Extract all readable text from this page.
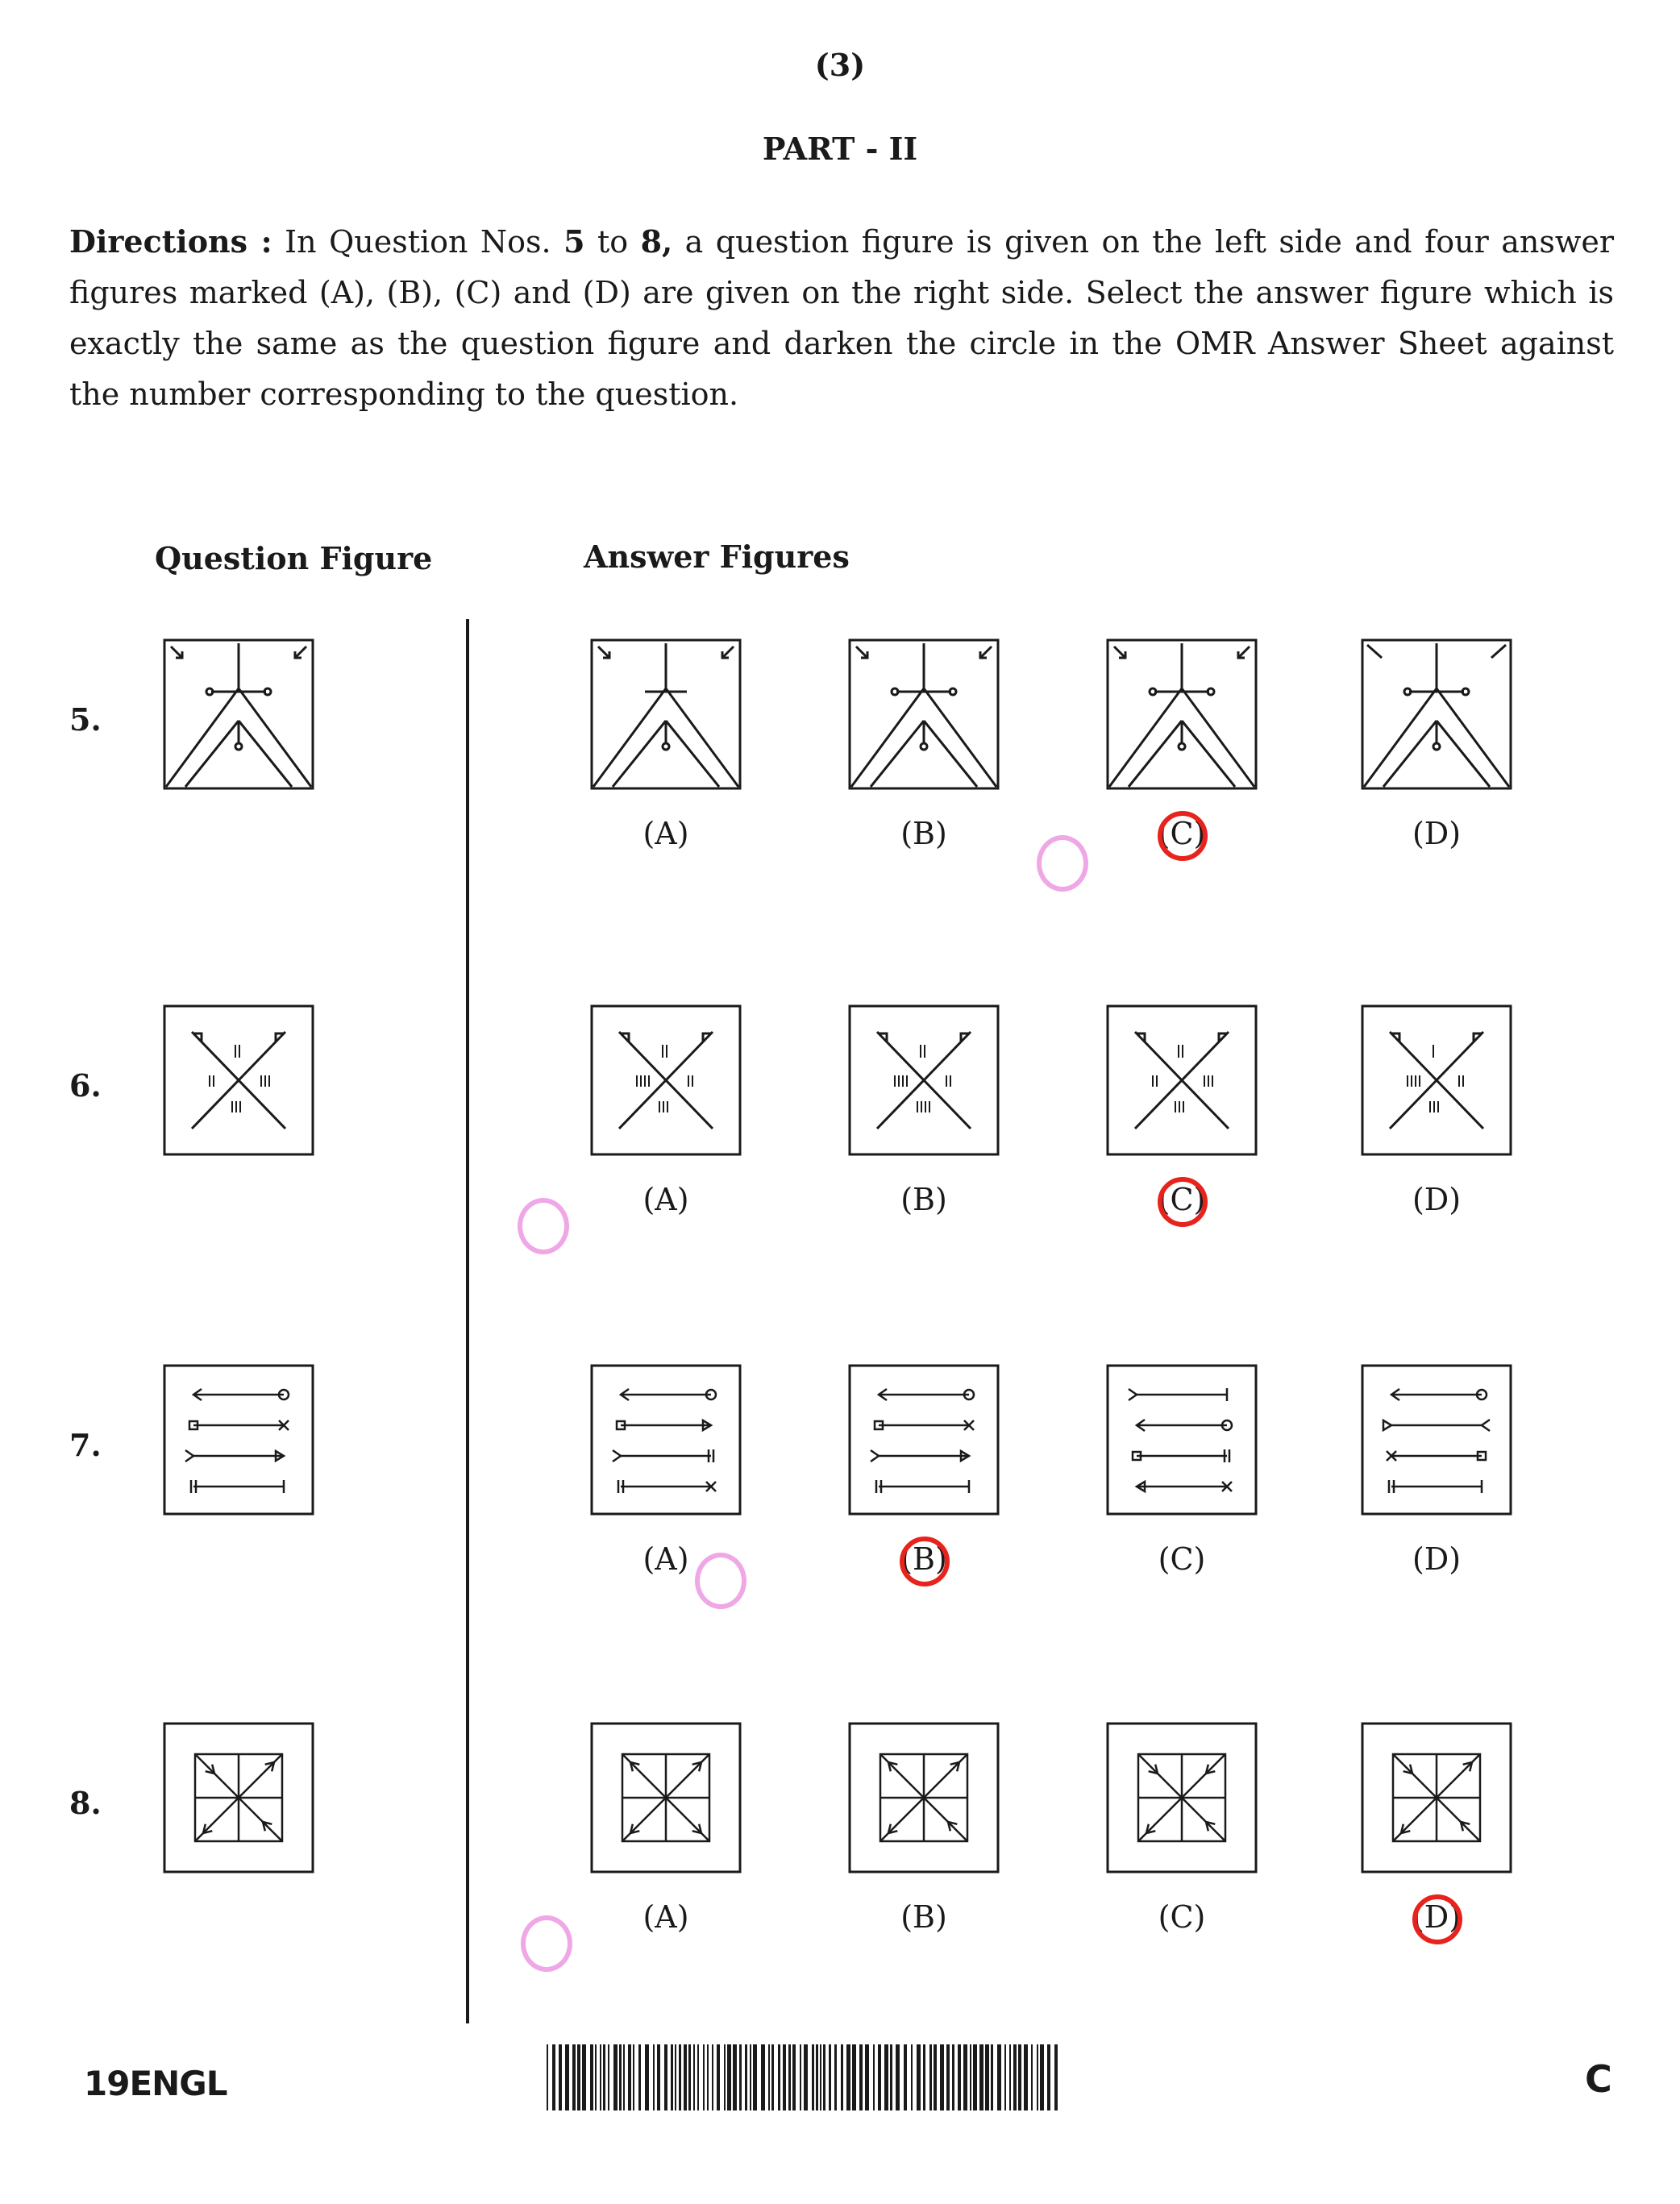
(3)
PART - II
Directions : In Question Nos. 5 to 8, a question figure is given on the left side and four answer figures marked (A), (B), (C) and (D) are given on the right side. Select the answer figure which is exactly the same as the question figure and darken the circle in the OMR Answer Sheet against the number corresponding to the question.
Question Figure	Answer Figures
5.
(A)	(B)	(C)	(D)
6.
(A)	(B)	(C)	(D)
7.
(A)	(B)	(C)	(D)
8.
(A)	(B)	(C)	(D)
19ENGL	C
